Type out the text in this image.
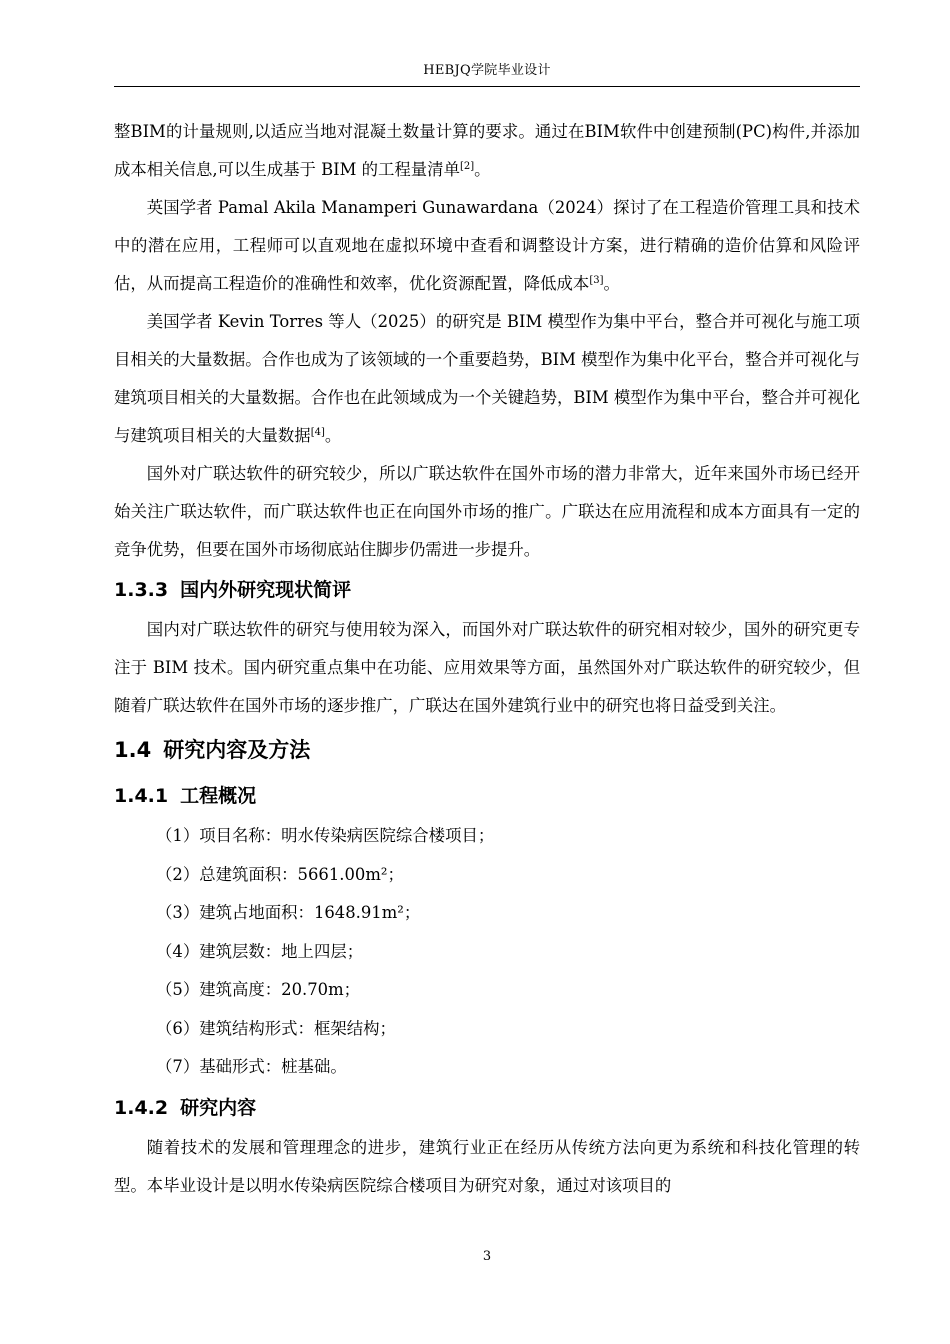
HEBJQ学院毕业设计

整BIM的计量规则,以适应当地对混凝土数量计算的要求。通过在BIM软件中创建预制(PC)构件,并添加成本相关信息,可以生成基于 BIM 的工程量清单[2]。

英国学者 Pamal Akila Manamperi Gunawardana（2024）探讨了在工程造价管理工具和技术中的潜在应用，工程师可以直观地在虚拟环境中查看和调整设计方案，进行精确的造价估算和风险评估，从而提高工程造价的准确性和效率，优化资源配置，降低成本[3]。

美国学者 Kevin Torres 等人（2025）的研究是 BIM 模型作为集中平台，整合并可视化与施工项目相关的大量数据。合作也成为了该领域的一个重要趋势，BIM 模型作为集中化平台，整合并可视化与建筑项目相关的大量数据。合作也在此领域成为一个关键趋势，BIM 模型作为集中平台，整合并可视化与建筑项目相关的大量数据[4]。

国外对广联达软件的研究较少，所以广联达软件在国外市场的潜力非常大，近年来国外市场已经开始关注广联达软件，而广联达软件也正在向国外市场的推广。广联达在应用流程和成本方面具有一定的竞争优势，但要在国外市场彻底站住脚步仍需进一步提升。

1.3.3 国内外研究现状简评

国内对广联达软件的研究与使用较为深入，而国外对广联达软件的研究相对较少，国外的研究更专注于 BIM 技术。国内研究重点集中在功能、应用效果等方面，虽然国外对广联达软件的研究较少，但随着广联达软件在国外市场的逐步推广，广联达在国外建筑行业中的研究也将日益受到关注。

1.4 研究内容及方法
1.4.1 工程概况

（1）项目名称：明水传染病医院综合楼项目；

（2）总建筑面积：5661.00m²；

（3）建筑占地面积：1648.91m²；

（4）建筑层数：地上四层；

（5）建筑高度：20.70m；

（6）建筑结构形式：框架结构；

（7）基础形式：桩基础。

1.4.2 研究内容

随着技术的发展和管理理念的进步，建筑行业正在经历从传统方法向更为系统和科技化管理的转型。本毕业设计是以明水传染病医院综合楼项目为研究对象，通过对该项目的

3
